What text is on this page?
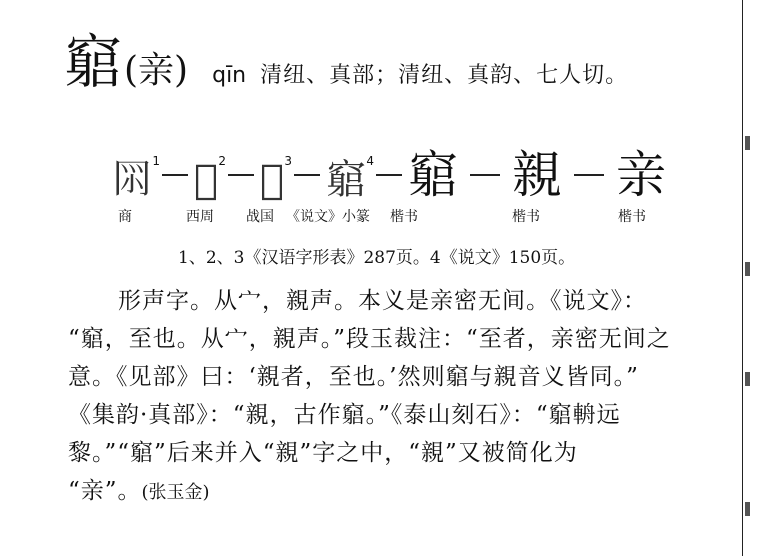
竆 (亲) qīn 清纽、真部；清纽、真韵、七人切。
𠕘 1 𡪩 2 𡪩 3 竆 4 竆 親 亲
商	西周 战国 《说文》小篆 楷书	楷书	楷书
1、2、3《汉语字形表》287页。4《说文》150页。
形声字。从宀，親声。本义是亲密无间。《说文》：
“竆，至也。从宀，親声。”段玉裁注：“至者，亲密无间之
意。《见部》曰：‘親者，至也。’然则竆与親音义皆同。”
《集韵·真部》：“親，古作竆。”《泰山刻石》：“竆輈远
黎。”“竆”后来并入“親”字之中，“親”又被简化为
“亲”。(张玉金)
